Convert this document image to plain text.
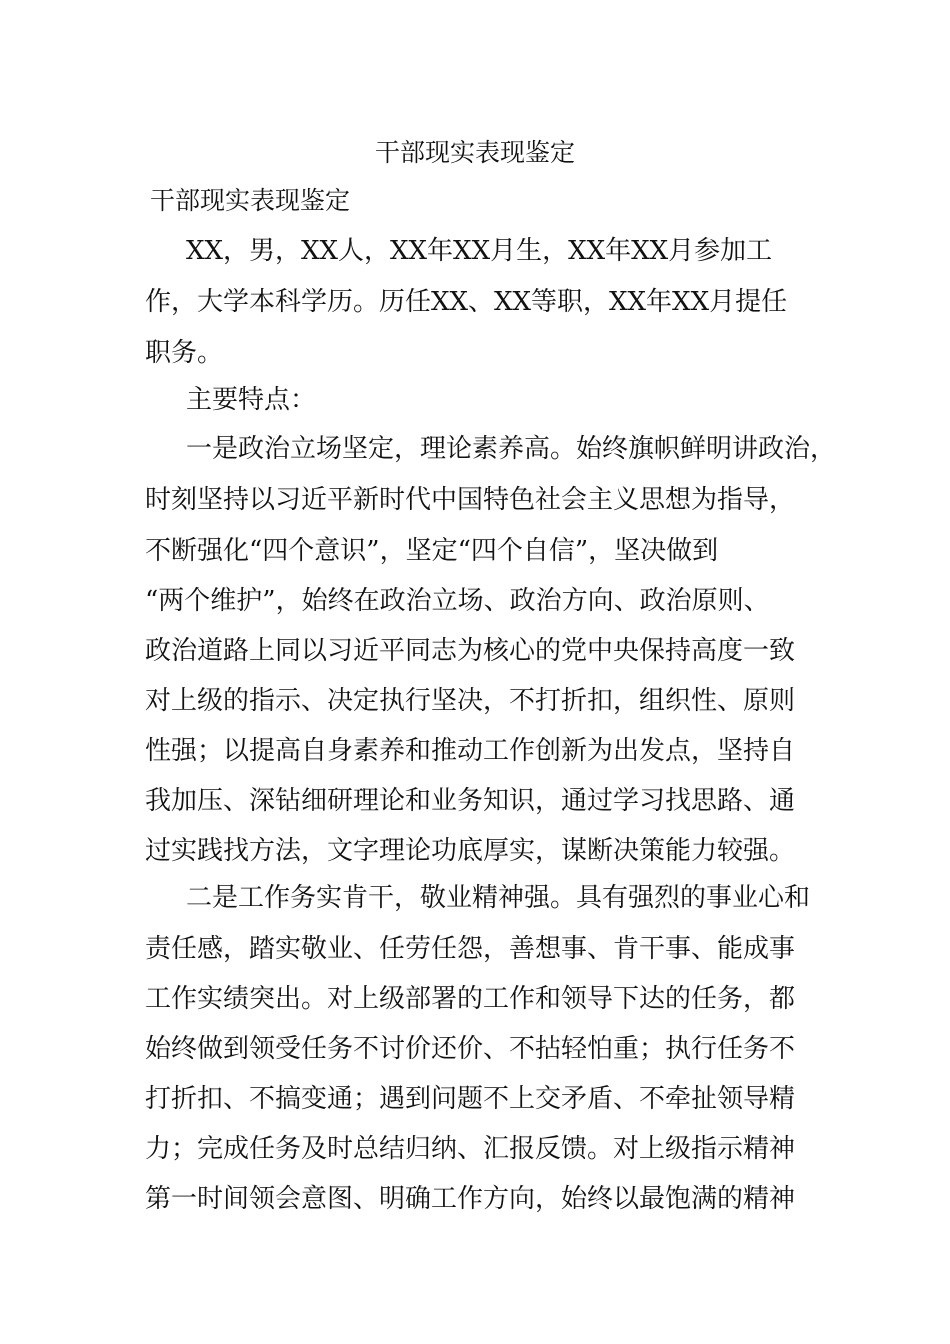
干部现实表现鉴定
干部现实表现鉴定
XX，男，XX人，XX年XX月生，XX年XX月参加工
作，大学本科学历。历任XX、XX等职，XX年XX月提任
职务。
主要特点：
一是政治立场坚定，理论素养高。始终旗帜鲜明讲政治，
时刻坚持以习近平新时代中国特色社会主义思想为指导，
不断强化“四个意识”，坚定“四个自信”，坚决做到
“两个维护”，始终在政治立场、政治方向、政治原则、
政治道路上同以习近平同志为核心的党中央保持高度一致
对上级的指示、决定执行坚决，不打折扣，组织性、原则
性强；以提高自身素养和推动工作创新为出发点，坚持自
我加压、深钻细研理论和业务知识，通过学习找思路、通
过实践找方法，文字理论功底厚实，谋断决策能力较强。
二是工作务实肯干，敬业精神强。具有强烈的事业心和
责任感，踏实敬业、任劳任怨，善想事、肯干事、能成事
工作实绩突出。对上级部署的工作和领导下达的任务，都
始终做到领受任务不讨价还价、不拈轻怕重；执行任务不
打折扣、不搞变通；遇到问题不上交矛盾、不牵扯领导精
力；完成任务及时总结归纳、汇报反馈。对上级指示精神
第一时间领会意图、明确工作方向，始终以最饱满的精神
